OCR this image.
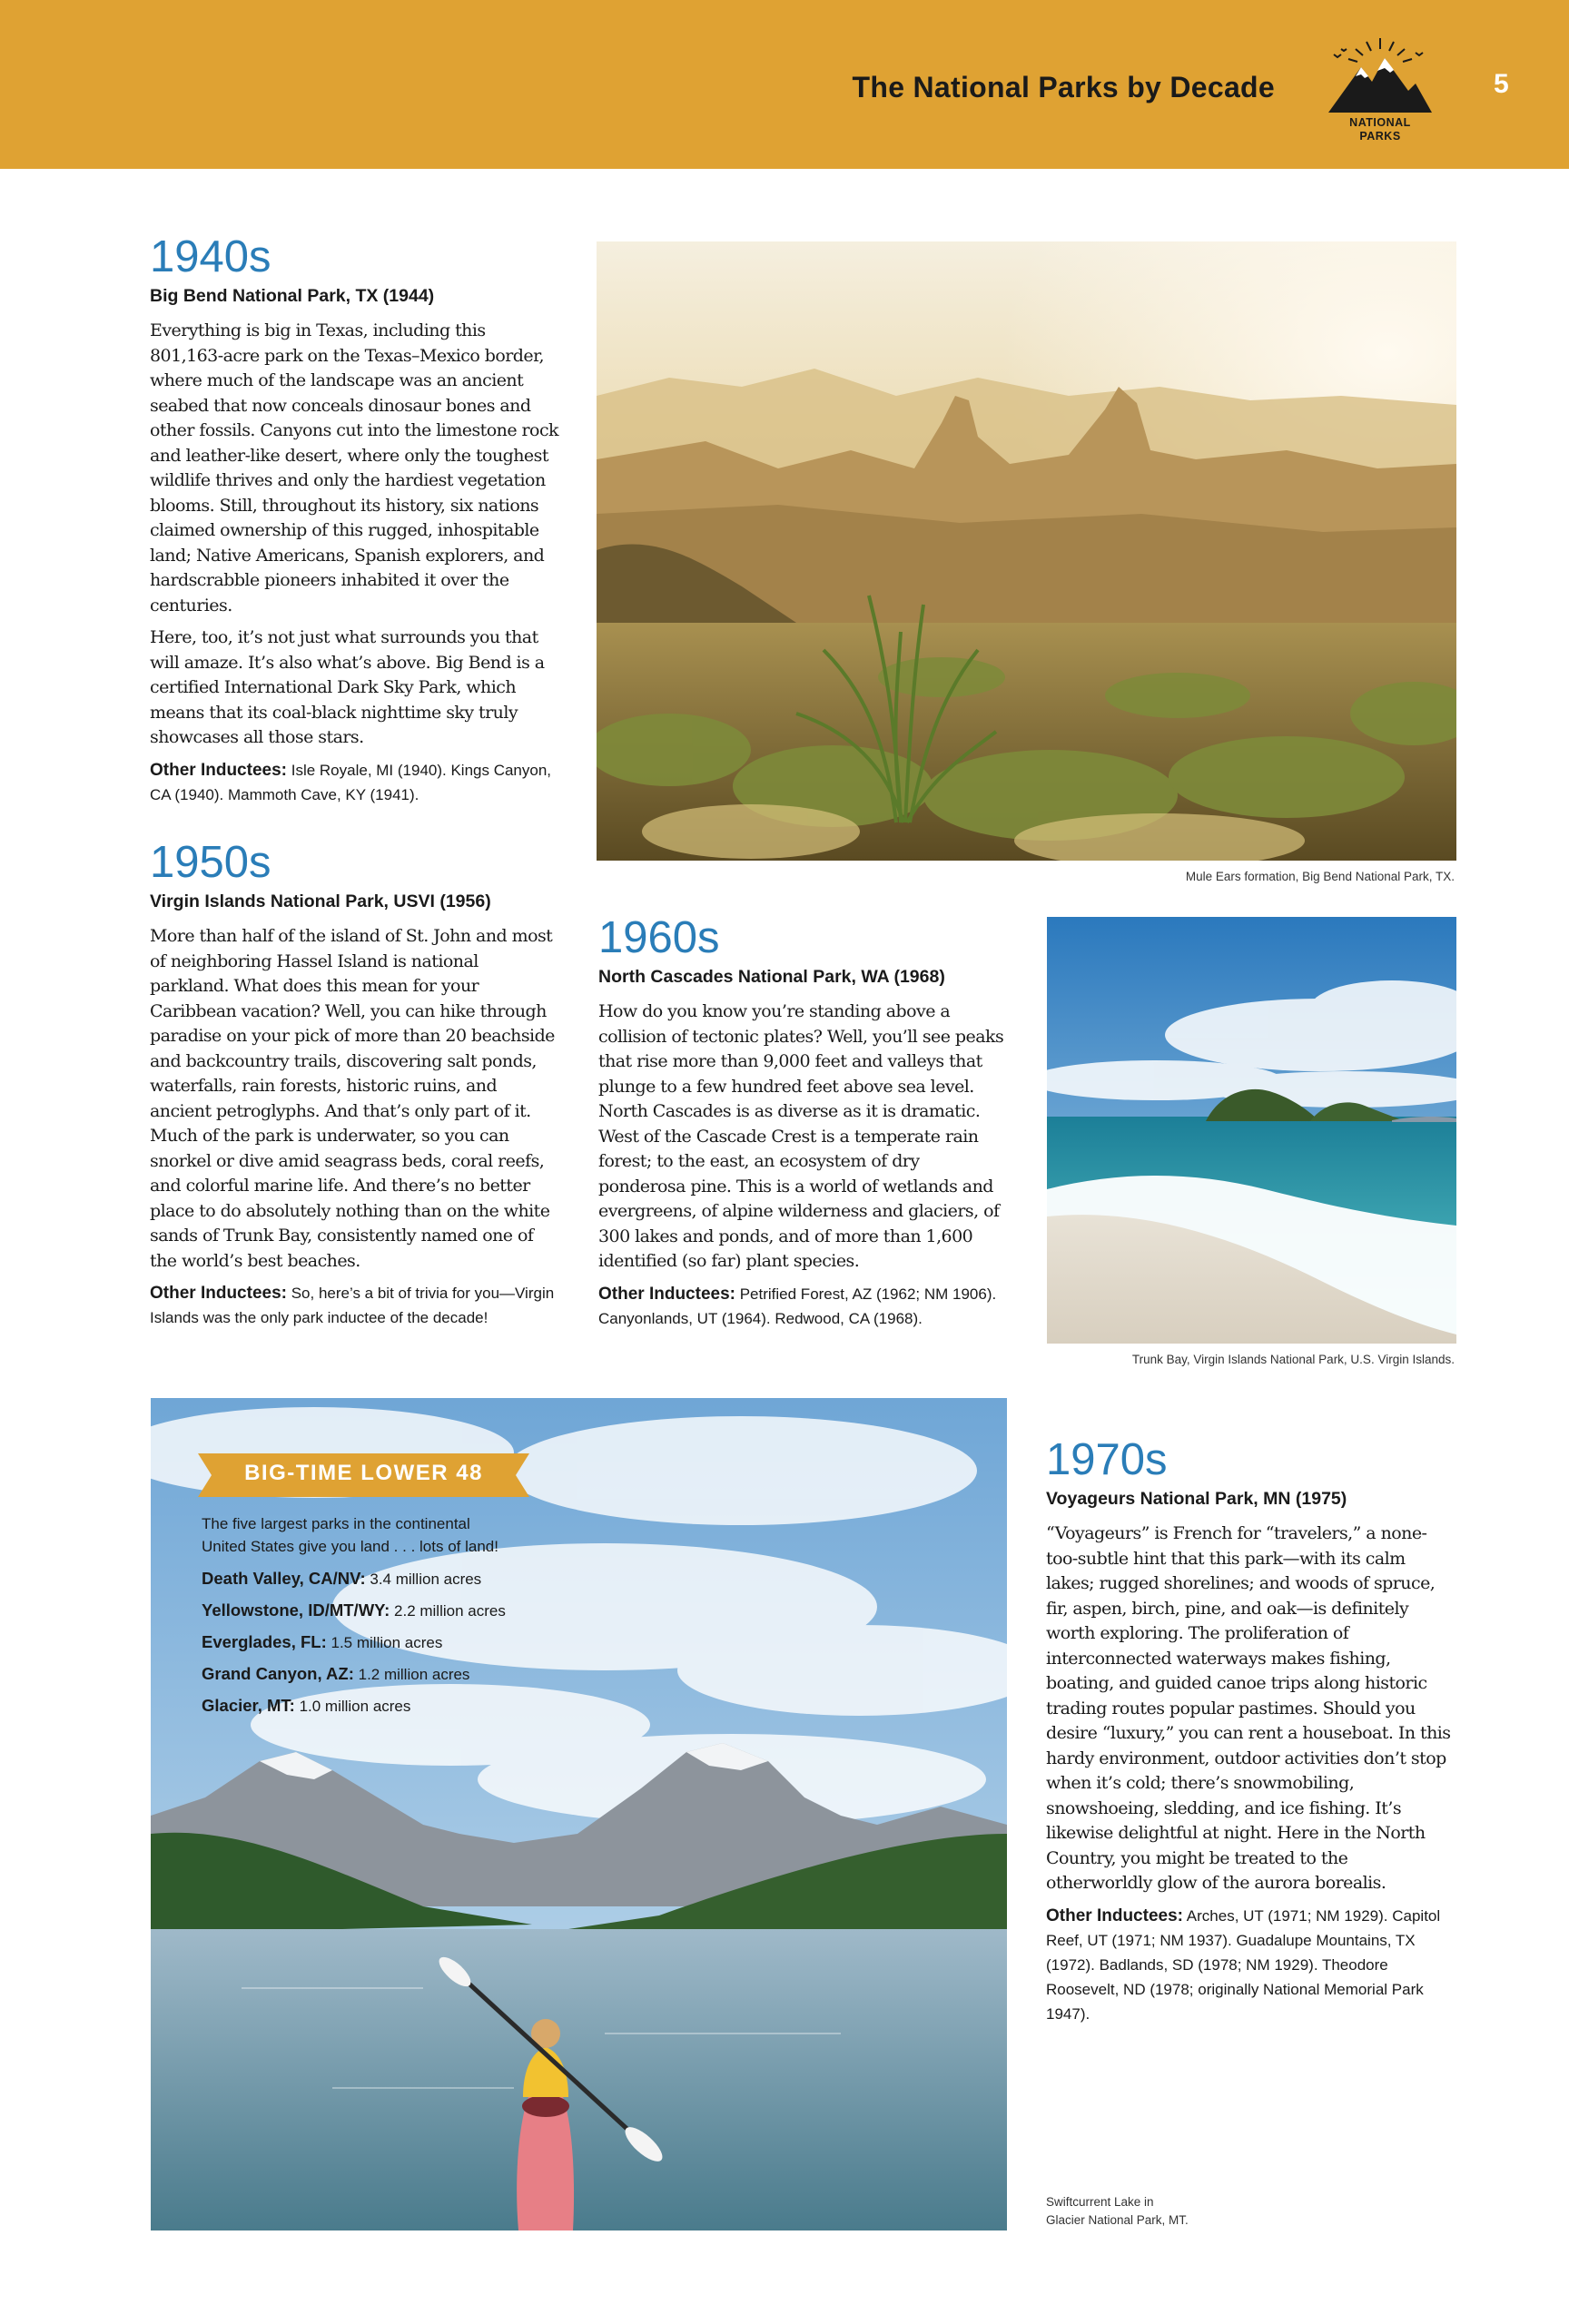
The National Parks by Decade
NATIONAL
PARKS
5
1940s
Big Bend National Park, TX (1944)

Everything is big in Texas, including this 801,163-acre park on the Texas–Mexico border, where much of the landscape was an ancient seabed that now conceals dinosaur bones and other fossils. Canyons cut into the limestone rock and leather-like desert, where only the toughest wildlife thrives and only the hardiest vegetation blooms. Still, throughout its history, six nations claimed ownership of this rugged, inhospitable land; Native Americans, Spanish explorers, and hardscrabble pioneers inhabited it over the centuries.

Here, too, it’s not just what surrounds you that will amaze. It’s also what’s above. Big Bend is a certified International Dark Sky Park, which means that its coal-black nighttime sky truly showcases all those stars.

Other Inductees: Isle Royale, MI (1940). Kings Canyon, CA (1940). Mammoth Cave, KY (1941).

Mule Ears formation, Big Bend National Park, TX.
1950s
Virgin Islands National Park, USVI (1956)

More than half of the island of St. John and most of neighboring Hassel Island is national parkland. What does this mean for your Caribbean vacation? Well, you can hike through paradise on your pick of more than 20 beachside and backcountry trails, discovering salt ponds, waterfalls, rain forests, historic ruins, and ancient petroglyphs. And that’s only part of it. Much of the park is underwater, so you can snorkel or dive amid seagrass beds, coral reefs, and colorful marine life. And there’s no better place to do absolutely nothing than on the white sands of Trunk Bay, consistently named one of the world’s best beaches.

Other Inductees: So, here’s a bit of trivia for you—Virgin Islands was the only park inductee of the decade!

1960s
North Cascades National Park, WA (1968)

How do you know you’re standing above a collision of tectonic plates? Well, you’ll see peaks that rise more than 9,000 feet and valleys that plunge to a few hundred feet above sea level. North Cascades is as diverse as it is dramatic. West of the Cascade Crest is a temperate rain forest; to the east, an ecosystem of dry ponderosa pine. This is a world of wetlands and evergreens, of alpine wilderness and glaciers, of 300 lakes and ponds, and of more than 1,600 identified (so far) plant species.

Other Inductees: Petrified Forest, AZ (1962; NM 1906). Canyonlands, UT (1964). Redwood, CA (1968).

Trunk Bay, Virgin Islands National Park, U.S. Virgin Islands.
BIG-TIME LOWER 48

The five largest parks in the continental
United States give you land . . . lots of land!

Death Valley, CA/NV: 3.4 million acres

Yellowstone, ID/MT/WY: 2.2 million acres

Everglades, FL: 1.5 million acres

Grand Canyon, AZ: 1.2 million acres

Glacier, MT: 1.0 million acres

1970s
Voyageurs National Park, MN (1975)

“Voyageurs” is French for “travelers,” a none-too-subtle hint that this park—with its calm lakes; rugged shorelines; and woods of spruce, fir, aspen, birch, pine, and oak—is definitely worth exploring. The proliferation of interconnected waterways makes fishing, boating, and guided canoe trips along historic trading routes popular pastimes. Should you desire “luxury,” you can rent a houseboat. In this hardy environment, outdoor activities don’t stop when it’s cold; there’s snowmobiling, snowshoeing, sledding, and ice fishing. It’s likewise delightful at night. Here in the North Country, you might be treated to the otherworldly glow of the aurora borealis.

Other Inductees: Arches, UT (1971; NM 1929). Capitol Reef, UT (1971; NM 1937). Guadalupe Mountains, TX (1972). Badlands, SD (1978; NM 1929). Theodore Roosevelt, ND (1978; originally National Memorial Park 1947).

Swiftcurrent Lake in
Glacier National Park, MT.
